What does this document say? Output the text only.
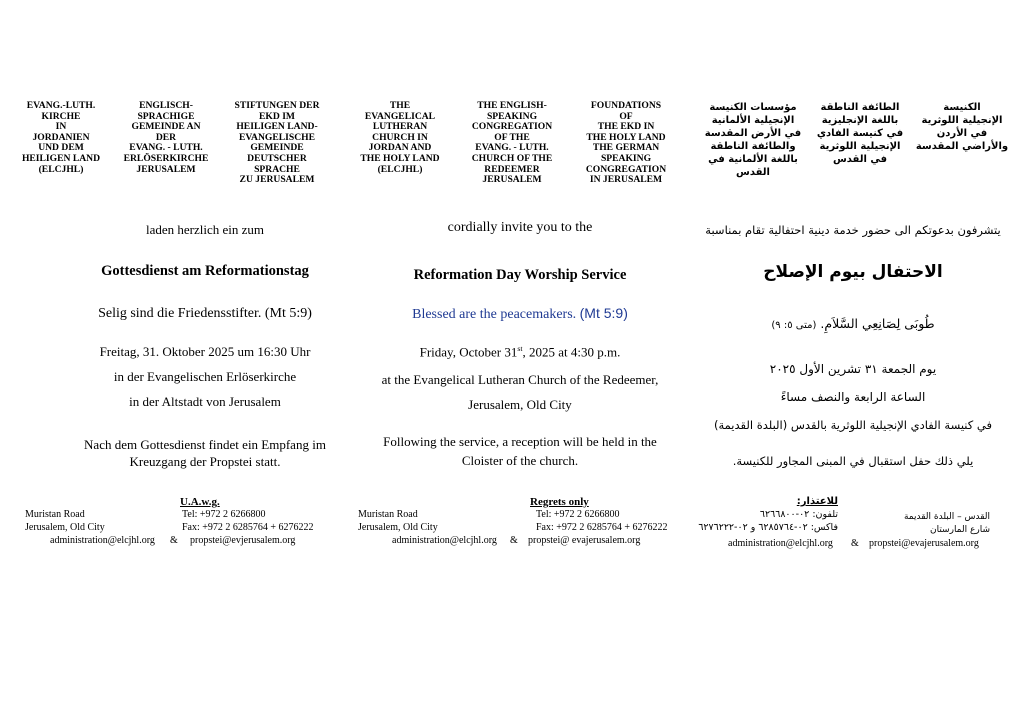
EVANG.-LUTH.
KIRCHE
IN
JORDANIEN
UND DEM
HEILIGEN LAND
(ELCJHL)
ENGLISCH-
SPRACHIGE
GEMEINDE AN
DER
EVANG. - LUTH.
ERLÖSERKIRCHE
JERUSALEM
STIFTUNGEN DER
EKD IM
HEILIGEN LAND-
EVANGELISCHE
GEMEINDE
DEUTSCHER
SPRACHE
ZU JERUSALEM
THE
EVANGELICAL
LUTHERAN
CHURCH IN
JORDAN AND
THE HOLY LAND
(ELCJHL)
THE ENGLISH-
SPEAKING
CONGREGATION
OF THE
EVANG. - LUTH.
CHURCH OF THE
REDEEMER
JERUSALEM
FOUNDATIONS
OF
THE EKD IN
THE HOLY LAND
THE GERMAN
SPEAKING
CONGREGATION
IN JERUSALEM
مؤسسات الكنيسة
الإنجيلية الألمانية
في الأرض المقدسة
والطائفة الناطقة
باللغة الألمانية في القدس
الطائفة الناطقة
باللغة الإنجليزية
في كنيسة الفادي
الإنجيلية اللوثرية
في القدس
الكنيسة
الإنجيلية اللوثرية
في الأردن
والأراضي المقدسة
laden herzlich ein zum
Gottesdienst am Reformationstag
Selig sind die Friedensstifter. (Mt 5:9)
Freitag, 31. Oktober 2025 um 16:30 Uhr
in der Evangelischen Erlöserkirche
in der Altstadt von Jerusalem
Nach dem Gottesdienst findet ein Empfang im
Kreuzgang der Propstei statt.
U.A.w.g.
Muristan Road
Jerusalem, Old City
Tel: +972 2 6266800
Fax: +972 2 6285764 + 6276222
administration@elcjhl.org & propstei@evjerusalem.org
cordially invite you to the
Reformation Day Worship Service
Blessed are the peacemakers. (Mt 5:9)
Friday, October 31st, 2025 at 4:30 p.m.
at the Evangelical Lutheran Church of the Redeemer,
Jerusalem, Old City
Following the service, a reception will be held in the
Cloister of the church.
Regrets only
Muristan Road
Jerusalem, Old City
Tel: +972 2 6266800
Fax: +972 2 6285764 + 6276222
administration@elcjhl.org & propstei@ evajerusalem.org
يتشرفون بدعوتكم الى حضور خدمة دينية احتفالية تقام بمناسبة
الاحتفال بيوم الإصلاح
طُوبَى لِصَانِعِي السَّلاَمِ. (متى ٥: ٩)
يوم الجمعة ٣١ تشرين الأول ٢٠٢٥
الساعة الرابعة والنصف مساءً
في كنيسة الفادي الإنجيلية اللوثرية بالقدس (البلدة القديمة)
يلي ذلك حفل استقبال في المبنى المجاور للكنيسة.
للاعتذار:
تلفون: ٠٢-٦٢٦٦٨٠٠
فاكس: ٠٢-٦٢٨٥٧٦٤ و ٠٢-٦٢٧٦٢٢٢
القدس – البلدة القديمة
شارع المارستان
administration@elcjhl.org & propstei@evajerusalem.org
